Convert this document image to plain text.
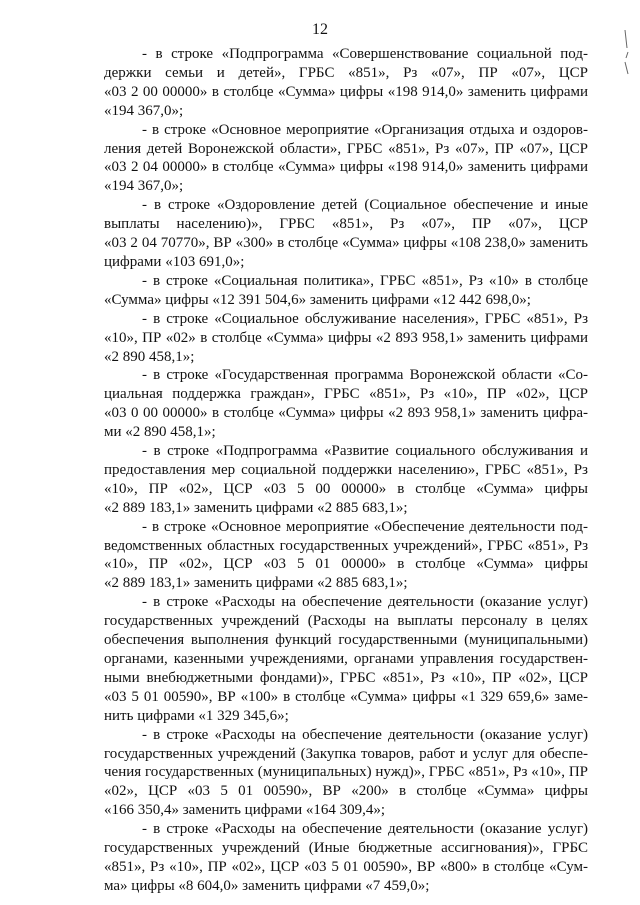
12

- в строке «Подпрограмма «Совершенствование социальной под-
держки семьи и детей», ГРБС «851», Рз «07», ПР «07», ЦСР
«03 2 00 00000» в столбце «Сумма» цифры «198 914,0» заменить цифрами
«194 367,0»;

- в строке «Основное мероприятие «Организация отдыха и оздоров-
ления детей Воронежской области», ГРБС «851», Рз «07», ПР «07», ЦСР
«03 2 04 00000» в столбце «Сумма» цифры «198 914,0» заменить цифрами
«194 367,0»;

- в строке «Оздоровление детей (Социальное обеспечение и иные
выплаты населению)», ГРБС «851», Рз «07», ПР «07», ЦСР
«03 2 04 70770», ВР «300» в столбце «Сумма» цифры «108 238,0» заменить
цифрами «103 691,0»;

- в строке «Социальная политика», ГРБС «851», Рз «10» в столбце
«Сумма» цифры «12 391 504,6» заменить цифрами «12 442 698,0»;

- в строке «Социальное обслуживание населения», ГРБС «851», Рз
«10», ПР «02» в столбце «Сумма» цифры «2 893 958,1» заменить цифрами
«2 890 458,1»;

- в строке «Государственная программа Воронежской области «Со-
циальная поддержка граждан», ГРБС «851», Рз «10», ПР «02», ЦСР
«03 0 00 00000» в столбце «Сумма» цифры «2 893 958,1» заменить цифра-
ми «2 890 458,1»;

- в строке «Подпрограмма «Развитие социального обслуживания и
предоставления мер социальной поддержки населению», ГРБС «851», Рз
«10», ПР «02», ЦСР «03 5 00 00000» в столбце «Сумма» цифры
«2 889 183,1» заменить цифрами «2 885 683,1»;

- в строке «Основное мероприятие «Обеспечение деятельности под-
ведомственных областных государственных учреждений», ГРБС «851», Рз
«10», ПР «02», ЦСР «03 5 01 00000» в столбце «Сумма» цифры
«2 889 183,1» заменить цифрами «2 885 683,1»;

- в строке «Расходы на обеспечение деятельности (оказание услуг)
государственных учреждений (Расходы на выплаты персоналу в целях
обеспечения выполнения функций государственными (муниципальными)
органами, казенными учреждениями, органами управления государствен-
ными внебюджетными фондами)», ГРБС «851», Рз «10», ПР «02», ЦСР
«03 5 01 00590», ВР «100» в столбце «Сумма» цифры «1 329 659,6» заме-
нить цифрами «1 329 345,6»;

- в строке «Расходы на обеспечение деятельности (оказание услуг)
государственных учреждений (Закупка товаров, работ и услуг для обеспе-
чения государственных (муниципальных) нужд)», ГРБС «851», Рз «10», ПР
«02», ЦСР «03 5 01 00590», ВР «200» в столбце «Сумма» цифры
«166 350,4» заменить цифрами «164 309,4»;

- в строке «Расходы на обеспечение деятельности (оказание услуг)
государственных учреждений (Иные бюджетные ассигнования)», ГРБС
«851», Рз «10», ПР «02», ЦСР «03 5 01 00590», ВР «800» в столбце «Сум-
ма» цифры «8 604,0» заменить цифрами «7 459,0»;
